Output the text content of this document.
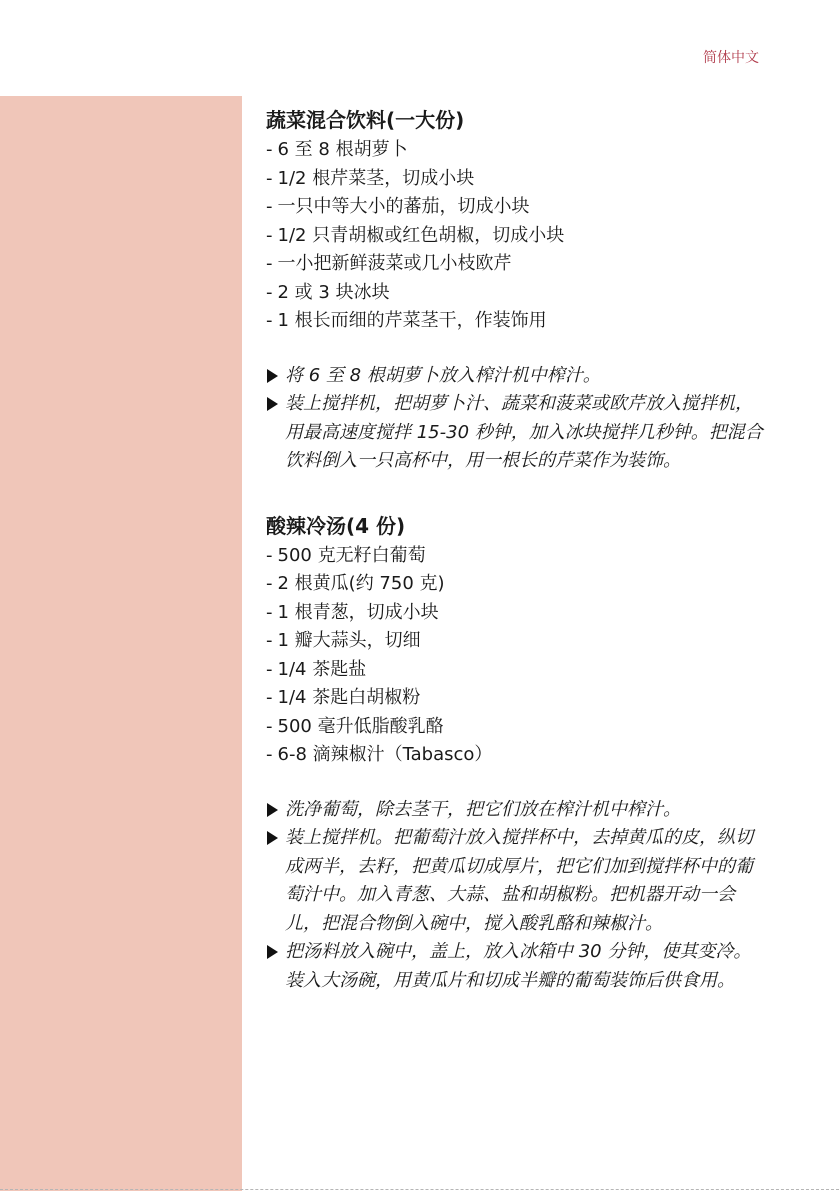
简体中文
蔬菜混合饮料(一大份)
- 6 至 8 根胡萝卜
- 1/2 根芹菜茎，切成小块
- 一只中等大小的蕃茄，切成小块
- 1/2 只青胡椒或红色胡椒，切成小块
- 一小把新鲜菠菜或几小枝欧芹
- 2 或 3 块冰块
- 1 根长而细的芹菜茎干，作装饰用
将 6 至 8 根胡萝卜放入榨汁机中榨汁。
装上搅拌机，把胡萝卜汁、蔬菜和菠菜或欧芹放入搅拌机，用最高速度搅拌 15-30 秒钟，加入冰块搅拌几秒钟。把混合饮料倒入一只高杯中，用一根长的芹菜作为装饰。
酸辣冷汤(4 份)
- 500 克无籽白葡萄
- 2 根黄瓜(约 750 克)
- 1 根青葱，切成小块
- 1 瓣大蒜头，切细
- 1/4 茶匙盐
- 1/4 茶匙白胡椒粉
- 500 毫升低脂酸乳酪
- 6-8 滴辣椒汁（Tabasco）
洗净葡萄，除去茎干，把它们放在榨汁机中榨汁。
装上搅拌机。把葡萄汁放入搅拌杯中，去掉黄瓜的皮，纵切成两半，去籽，把黄瓜切成厚片，把它们加到搅拌杯中的葡萄汁中。加入青葱、大蒜、盐和胡椒粉。把机器开动一会儿，把混合物倒入碗中，搅入酸乳酪和辣椒汁。
把汤料放入碗中，盖上，放入冰箱中 30 分钟，使其变冷。装入大汤碗，用黄瓜片和切成半瓣的葡萄装饰后供食用。
